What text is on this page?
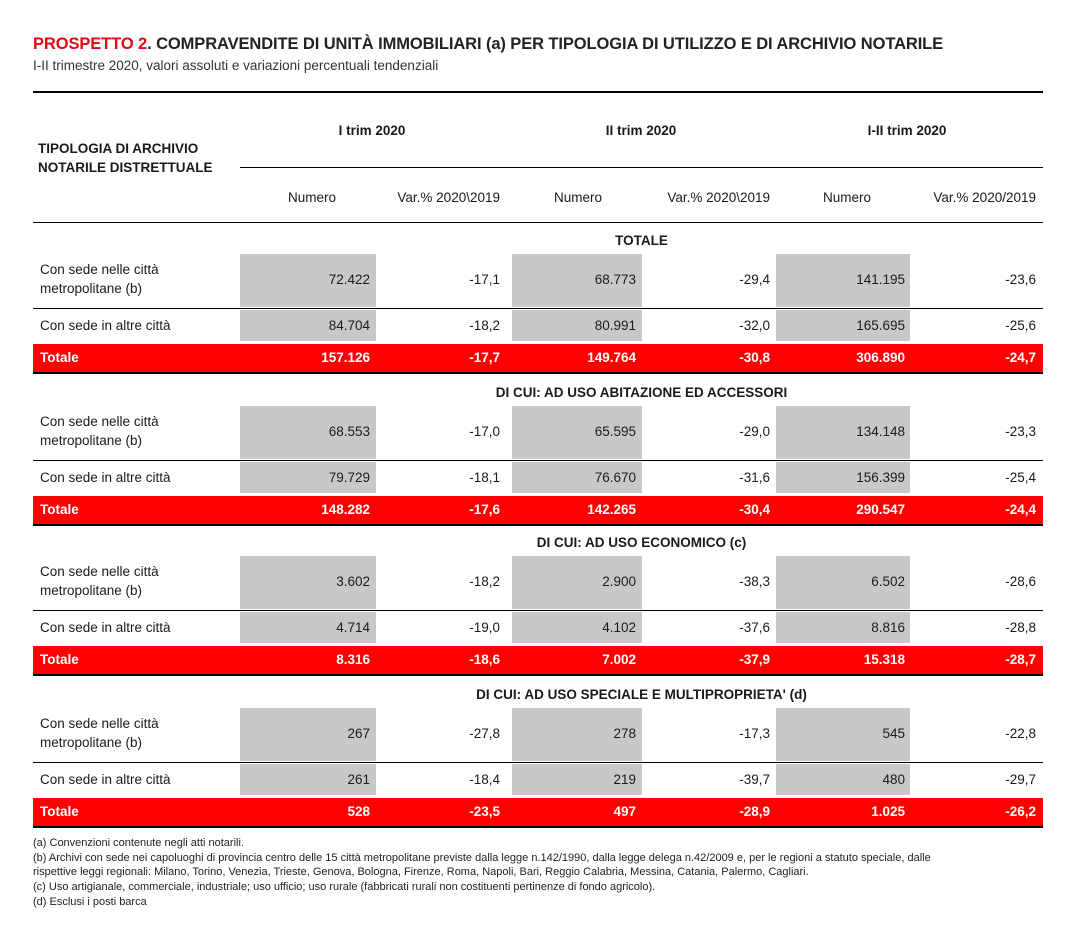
PROSPETTO 2. COMPRAVENDITE DI UNITÀ IMMOBILIARI (a) PER TIPOLOGIA DI UTILIZZO E DI ARCHIVIO NOTARILE
I-II trimestre 2020, valori assoluti e variazioni percentuali tendenziali
TIPOLOGIA DI ARCHIVIO
NOTARILE DISTRETTUALE
I trim 2020	II trim 2020	I-II trim 2020
Numero	Var.% 2020\2019	Numero	Var.% 2020\2019	Numero	Var.% 2020/2019
TOTALE
Con sede nelle città
metropolitane (b)
72.422	-17,1	68.773	-29,4	141.195	-23,6
Con sede in altre città	84.704	-18,2	80.991	-32,0	165.695	-25,6
Totale	157.126	-17,7	149.764	-30,8	306.890	-24,7
DI CUI: AD USO ABITAZIONE ED ACCESSORI
Con sede nelle città
metropolitane (b)
68.553	-17,0	65.595	-29,0	134.148	-23,3
Con sede in altre città	79.729	-18,1	76.670	-31,6	156.399	-25,4
Totale	148.282	-17,6	142.265	-30,4	290.547	-24,4
DI CUI: AD USO ECONOMICO (c)
Con sede nelle città
metropolitane (b)
3.602	-18,2	2.900	-38,3	6.502	-28,6
Con sede in altre città	4.714	-19,0	4.102	-37,6	8.816	-28,8
Totale	8.316	-18,6	7.002	-37,9	15.318	-28,7
DI CUI: AD USO SPECIALE E MULTIPROPRIETA' (d)
Con sede nelle città
metropolitane (b)
267	-27,8	278	-17,3	545	-22,8
Con sede in altre città	261	-18,4	219	-39,7	480	-29,7
Totale	528	-23,5	497	-28,9	1.025	-26,2
(a) Convenzioni contenute negli atti notarili.
(b) Archivi con sede nei capoluoghi di provincia centro delle 15 città metropolitane previste dalla legge n.142/1990, dalla legge delega n.42/2009 e, per le regioni a statuto speciale, dalle
rispettive leggi regionali: Milano, Torino, Venezia, Trieste, Genova, Bologna, Firenze, Roma, Napoli, Bari, Reggio Calabria, Messina, Catania, Palermo, Cagliari.
(c) Uso artigianale, commerciale, industriale; uso ufficio; uso rurale (fabbricati rurali non costituenti pertinenze di fondo agricolo).
(d) Esclusi i posti barca
